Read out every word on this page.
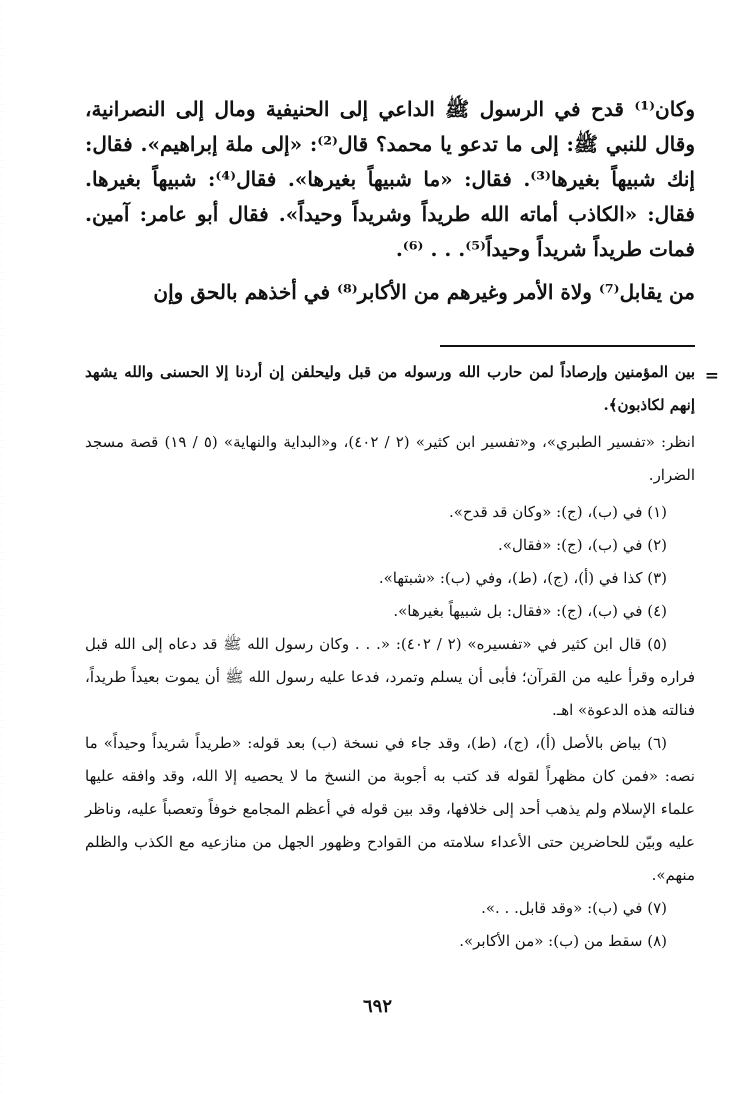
وكان⁽¹⁾ قدح في الرسول ﷺ الداعي إلى الحنيفية ومال إلى النصرانية، وقال للنبي ﷺ: إلى ما تدعو يا محمد؟ قال⁽²⁾: «إلى ملة إبراهيم». فقال: إنك شبيهاً بغيرها⁽³⁾. فقال: «ما شبيهاً بغيرها». فقال⁽⁴⁾: شبيهاً بغيرها. فقال: «الكاذب أماته الله طريداً وشريداً وحيداً». فقال أبو عامر: آمين. فمات طريداً شريداً وحيداً⁽⁵⁾. . . ⁽⁶⁾.

من يقابل⁽⁷⁾ ولاة الأمر وغيرهم من الأكابر⁽⁸⁾ في أخذهم بالحق وإن

=

بين المؤمنين وإرصاداً لمن حارب الله ورسوله من قبل وليحلفن إن أردنا إلا الحسنى والله يشهد إنهم لكاذبون﴾.

انظر: «تفسير الطبري»، و«تفسير ابن كثير» (٢ / ٤٠٢)، و«البداية والنهاية» (٥ / ١٩) قصة مسجد الضرار.

(١) في (ب)، (ج): «وكان قد قدح».

(٢) في (ب)، (ج): «فقال».

(٣) كذا في (أ)، (ج)، (ط)، وفي (ب): «شبتها».

(٤) في (ب)، (ج): «فقال: بل شبيهاً بغيرها».

(٥) قال ابن كثير في «تفسيره» (٢ / ٤٠٢): «. . . وكان رسول الله ﷺ قد دعاه إلى الله قبل فراره وقرأ عليه من القرآن؛ فأبى أن يسلم وتمرد، فدعا عليه رسول الله ﷺ أن يموت بعيداً طريداً، فنالته هذه الدعوة» اهـ.

(٦) بياض بالأصل (أ)، (ج)، (ط)، وقد جاء في نسخة (ب) بعد قوله: «طريداً شريداً وحيداً» ما نصه: «فمن كان مظهراً لقوله قد كتب به أجوبة من النسخ ما لا يحصيه إلا الله، وقد وافقه عليها علماء الإسلام ولم يذهب أحد إلى خلافها، وقد بين قوله في أعظم المجامع خوفاً وتعصباً عليه، وناظر عليه وبيّن للحاضرين حتى الأعداء سلامته من القوادح وظهور الجهل من منازعيه مع الكذب والظلم منهم».

(٧) في (ب): «وقد قابل. . .».

(٨) سقط من (ب): «من الأكابر».

٦٩٢
